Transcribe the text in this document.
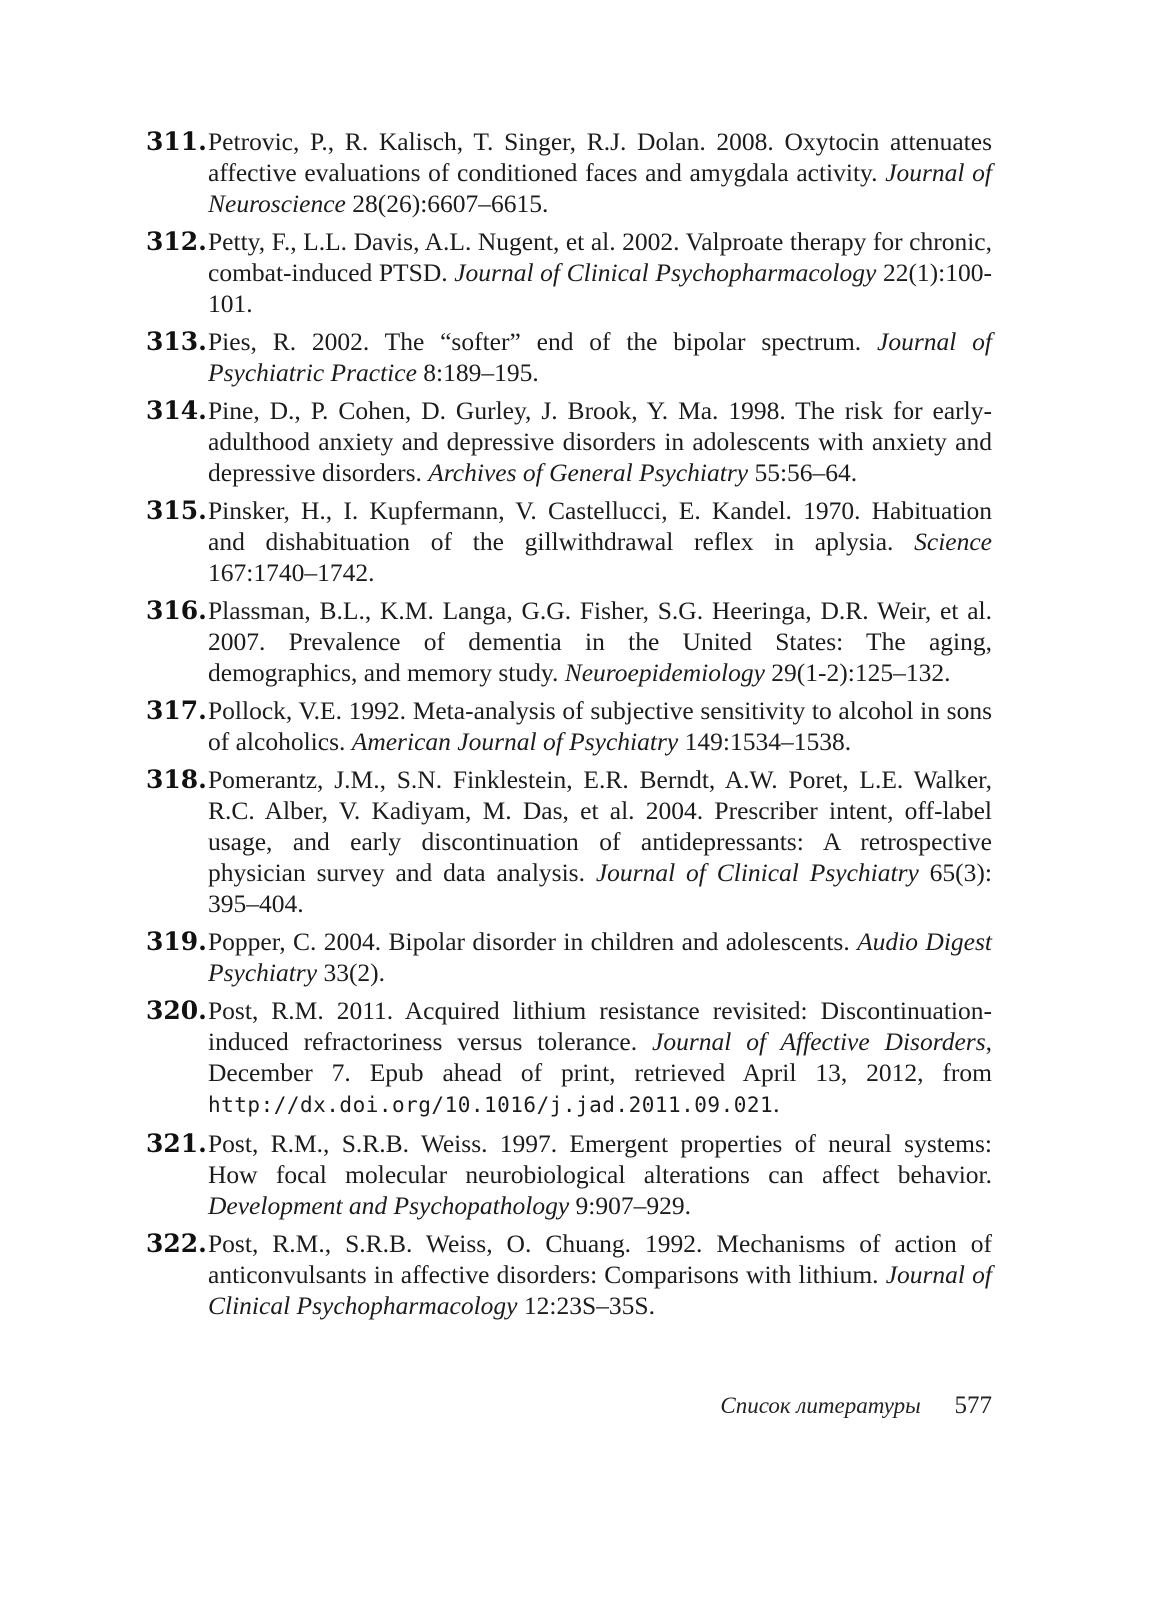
311. Petrovic, P., R. Kalisch, T. Singer, R.J. Dolan. 2008. Oxytocin attenuates affective evaluations of conditioned faces and amygdala activity. Journal of Neuroscience 28(26):6607–6615.
312. Petty, F., L.L. Davis, A.L. Nugent, et al. 2002. Valproate therapy for chronic, combat-induced PTSD. Journal of Clinical Psychopharmacology 22(1):100-101.
313. Pies, R. 2002. The “softer” end of the bipolar spectrum. Journal of Psychiatric Practice 8:189–195.
314. Pine, D., P. Cohen, D. Gurley, J. Brook, Y. Ma. 1998. The risk for early-adulthood anxiety and depressive disorders in adolescents with anxiety and depressive disorders. Archives of General Psychiatry 55:56–64.
315. Pinsker, H., I. Kupfermann, V. Castellucci, E. Kandel. 1970. Habituation and dishabituation of the gillwithdrawal reflex in aplysia. Science 167:1740–1742.
316. Plassman, B.L., K.M. Langa, G.G. Fisher, S.G. Heeringa, D.R. Weir, et al. 2007. Prevalence of dementia in the United States: The aging, demographics, and memory study. Neuroepidemiology 29(1-2):125–132.
317. Pollock, V.E. 1992. Meta-analysis of subjective sensitivity to alcohol in sons of alcoholics. American Journal of Psychiatry 149:1534–1538.
318. Pomerantz, J.M., S.N. Finklestein, E.R. Berndt, A.W. Poret, L.E. Walker, R.C. Alber, V. Kadiyam, M. Das, et al. 2004. Prescriber intent, off-label usage, and early discontinuation of antidepressants: A retrospective physician survey and data analysis. Journal of Clinical Psychiatry 65(3): 395–404.
319. Popper, C. 2004. Bipolar disorder in children and adolescents. Audio Digest Psychiatry 33(2).
320. Post, R.M. 2011. Acquired lithium resistance revisited: Discontinuation-induced refractoriness versus tolerance. Journal of Affective Disorders, December 7. Epub ahead of print, retrieved April 13, 2012, from http://dx.doi.org/10.1016/j.jad.2011.09.021.
321. Post, R.M., S.R.B. Weiss. 1997. Emergent properties of neural systems: How focal molecular neurobiological alterations can affect behavior. Development and Psychopathology 9:907–929.
322. Post, R.M., S.R.B. Weiss, O. Chuang. 1992. Mechanisms of action of anticonvulsants in affective disorders: Comparisons with lithium. Journal of Clinical Psychopharmacology 12:23S–35S.
Список литературы 577
